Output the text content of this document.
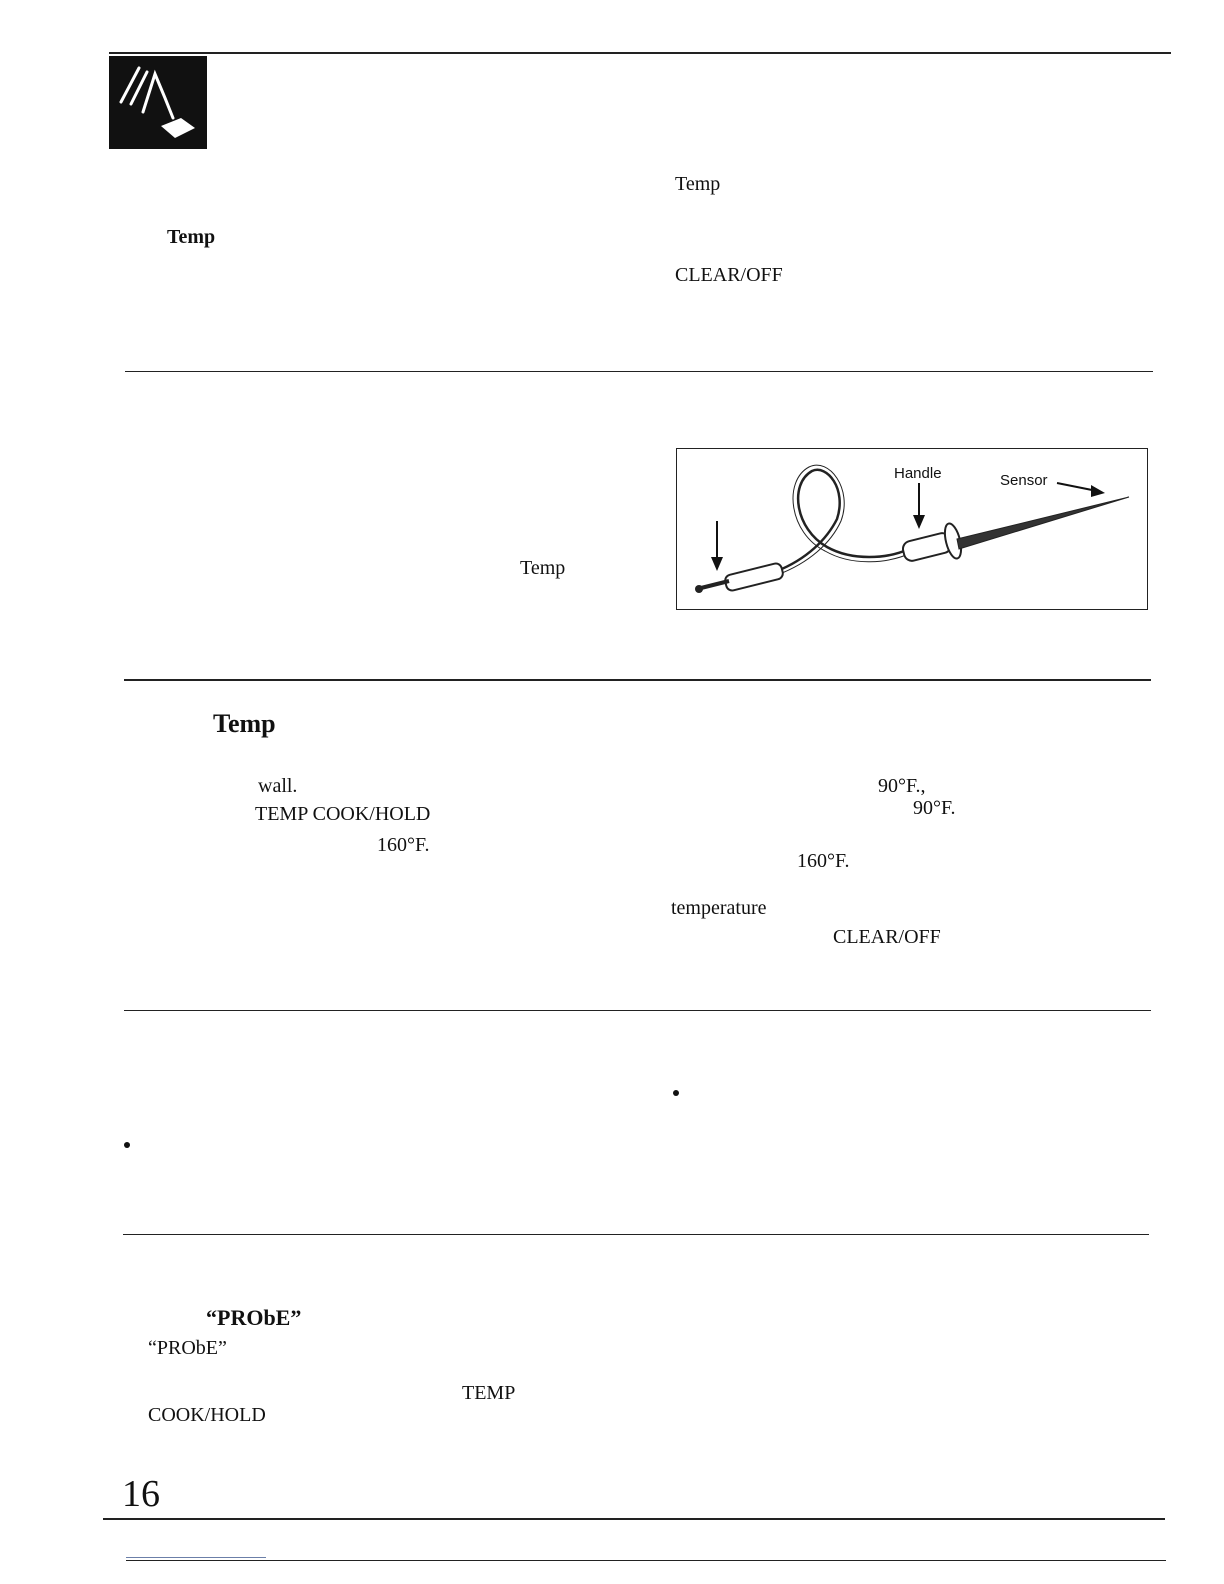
Temp
Temp
CLEAR/OFF
Temp
Handle	Sensor
Temp
wall.
TEMP COOK/HOLD
160°F.
90°F.,
90°F.
160°F.
temperature
CLEAR/OFF
“PRObE”
“PRObE”
TEMP
COOK/HOLD
16
